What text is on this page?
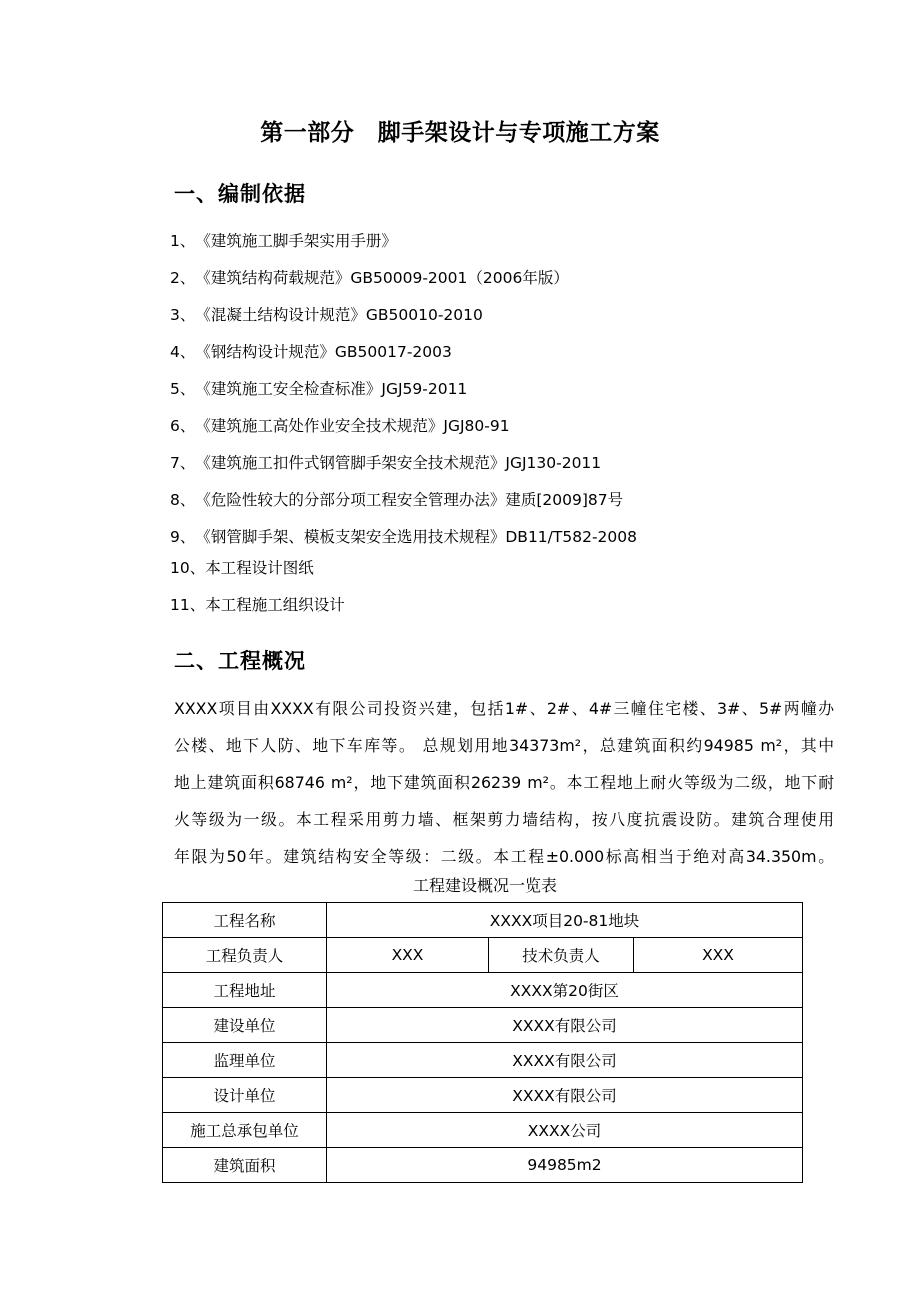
第一部分　脚手架设计与专项施工方案
一、编制依据
1、《建筑施工脚手架实用手册》
2、《建筑结构荷载规范》GB50009-2001（2006年版）
3、《混凝土结构设计规范》GB50010-2010
4、《钢结构设计规范》GB50017-2003
5、《建筑施工安全检查标准》JGJ59-2011
6、《建筑施工高处作业安全技术规范》JGJ80-91
7、《建筑施工扣件式钢管脚手架安全技术规范》JGJ130-2011
8、《危险性较大的分部分项工程安全管理办法》建质[2009]87号
9、《钢管脚手架、模板支架安全选用技术规程》DB11/T582-2008
10、本工程设计图纸
11、本工程施工组织设计
二、工程概况
XXXX项目由XXXX有限公司投资兴建，包括1#、2#、4#三幢住宅楼、3#、5#两幢办
公楼、地下人防、地下车库等。 总规划用地34373m²，总建筑面积约94985 m²，其中
地上建筑面积68746 m²，地下建筑面积26239 m²。本工程地上耐火等级为二级，地下耐
火等级为一级。本工程采用剪力墙、框架剪力墙结构，按八度抗震设防。建筑合理使用
年限为50年。建筑结构安全等级：二级。本工程±0.000标高相当于绝对高34.350m。
工程建设概况一览表
工程名称	XXXX项目20-81地块		
工程负责人	XXX	技术负责人	XXX
工程地址	XXXX第20街区		
建设单位	XXXX有限公司		
监理单位	XXXX有限公司		
设计单位	XXXX有限公司		
施工总承包单位	XXXX公司		
建筑面积	94985m2		
